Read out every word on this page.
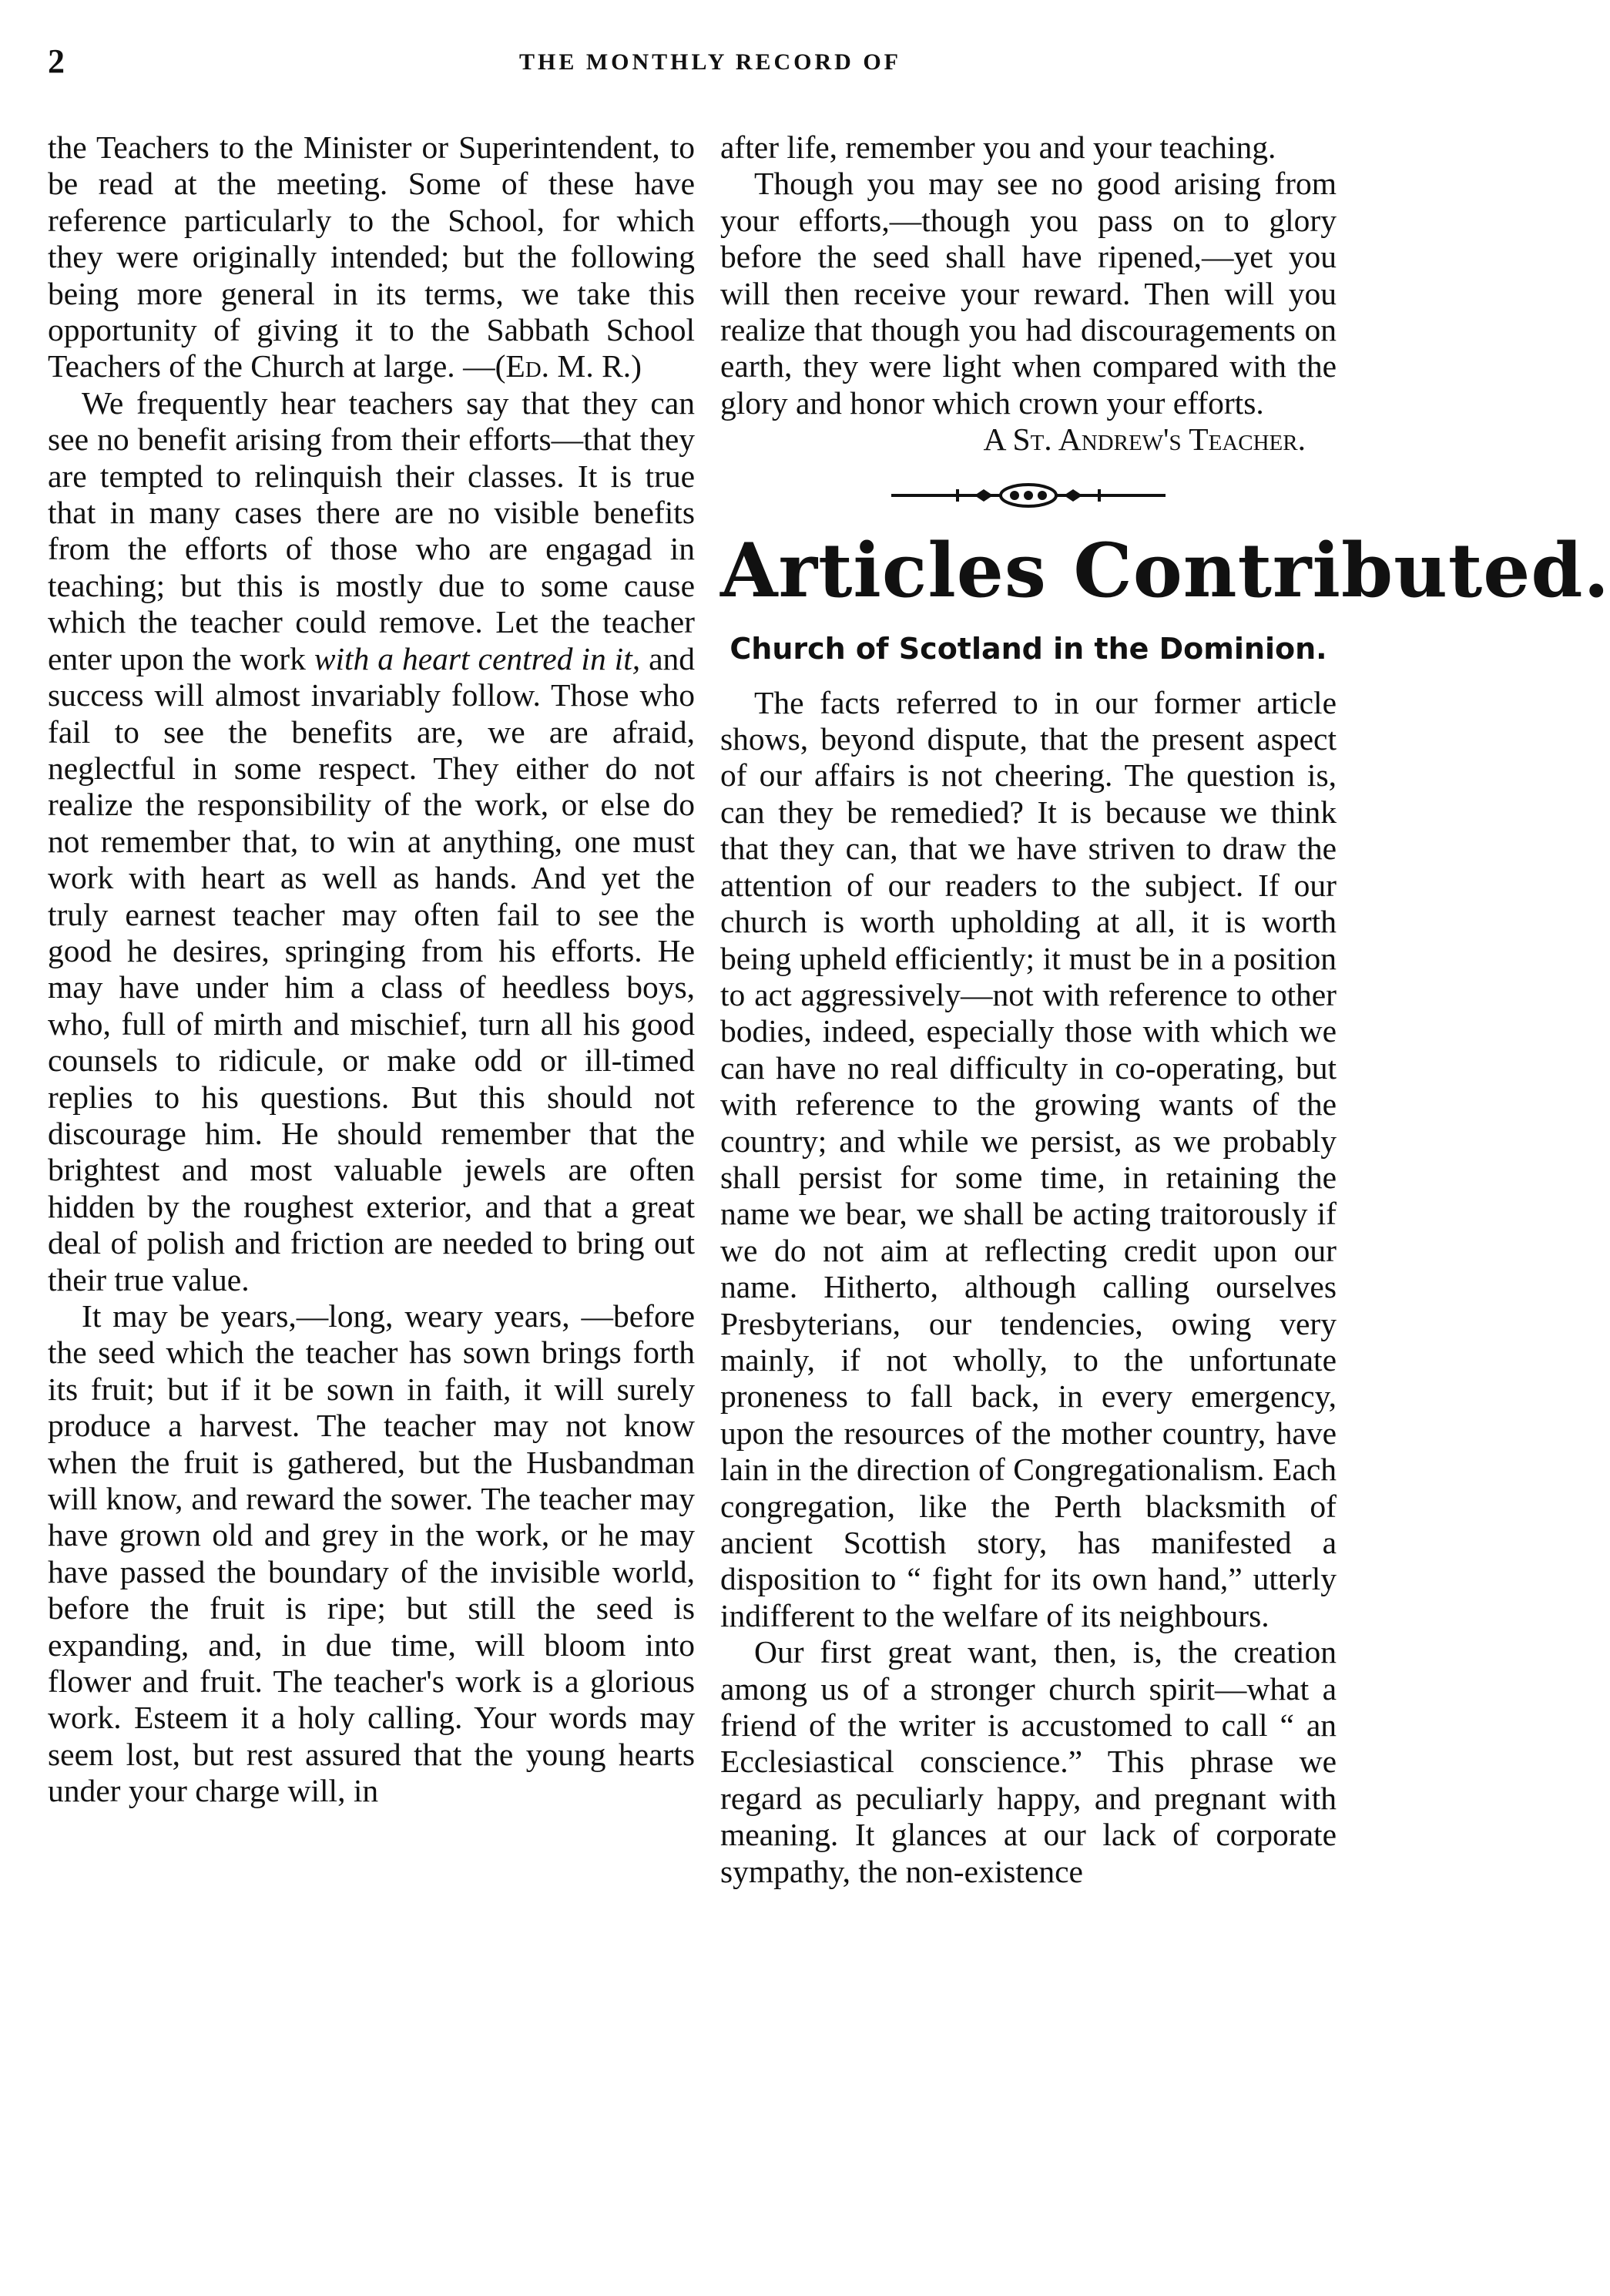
2	THE MONTHLY RECORD OF

the Teachers to the Minister or Superintendent, to be read at the meeting. Some of these have reference particularly to the School, for which they were originally intended; but the following being more general in its terms, we take this opportunity of giving it to the Sabbath School Teachers of the Church at large. —(Ed. M. R.)

We frequently hear teachers say that they can see no benefit arising from their efforts—that they are tempted to relinquish their classes. It is true that in many cases there are no visible benefits from the efforts of those who are engagad in teaching; but this is mostly due to some cause which the teacher could remove. Let the teacher enter upon the work with a heart centred in it, and success will almost invariably follow. Those who fail to see the benefits are, we are afraid, neglectful in some respect. They either do not realize the responsibility of the work, or else do not remember that, to win at anything, one must work with heart as well as hands. And yet the truly earnest teacher may often fail to see the good he desires, springing from his efforts. He may have under him a class of heedless boys, who, full of mirth and mischief, turn all his good counsels to ridicule, or make odd or ill-timed replies to his questions. But this should not discourage him. He should remember that the brightest and most valuable jewels are often hidden by the roughest exterior, and that a great deal of polish and friction are needed to bring out their true value.

It may be years,—long, weary years, —before the seed which the teacher has sown brings forth its fruit; but if it be sown in faith, it will surely produce a harvest. The teacher may not know when the fruit is gathered, but the Husbandman will know, and reward the sower. The teacher may have grown old and grey in the work, or he may have passed the boundary of the invisible world, before the fruit is ripe; but still the seed is expanding, and, in due time, will bloom into flower and fruit. The teacher's work is a glorious work. Esteem it a holy calling. Your words may seem lost, but rest assured that the young hearts under your charge will, in

after life, remember you and your teaching.

Though you may see no good arising from your efforts,—though you pass on to glory before the seed shall have ripened,—yet you will then receive your reward. Then will you realize that though you had discouragements on earth, they were light when compared with the glory and honor which crown your efforts.

A St. Andrew's Teacher.

Articles Contributed.
Church of Scotland in the Dominion.

The facts referred to in our former article shows, beyond dispute, that the present aspect of our affairs is not cheering. The question is, can they be remedied? It is because we think that they can, that we have striven to draw the attention of our readers to the subject. If our church is worth upholding at all, it is worth being upheld efficiently; it must be in a position to act aggressively—not with reference to other bodies, indeed, especially those with which we can have no real difficulty in co-operating, but with reference to the growing wants of the country; and while we persist, as we probably shall persist for some time, in retaining the name we bear, we shall be acting traitorously if we do not aim at reflecting credit upon our name. Hitherto, although calling ourselves Presbyterians, our tendencies, owing very mainly, if not wholly, to the unfortunate proneness to fall back, in every emergency, upon the resources of the mother country, have lain in the direction of Congregationalism. Each congregation, like the Perth blacksmith of ancient Scottish story, has manifested a disposition to “ fight for its own hand,” utterly indifferent to the welfare of its neighbours.

Our first great want, then, is, the creation among us of a stronger church spirit—what a friend of the writer is accustomed to call “ an Ecclesiastical conscience.” This phrase we regard as peculiarly happy, and pregnant with meaning. It glances at our lack of corporate sympathy, the non-existence
